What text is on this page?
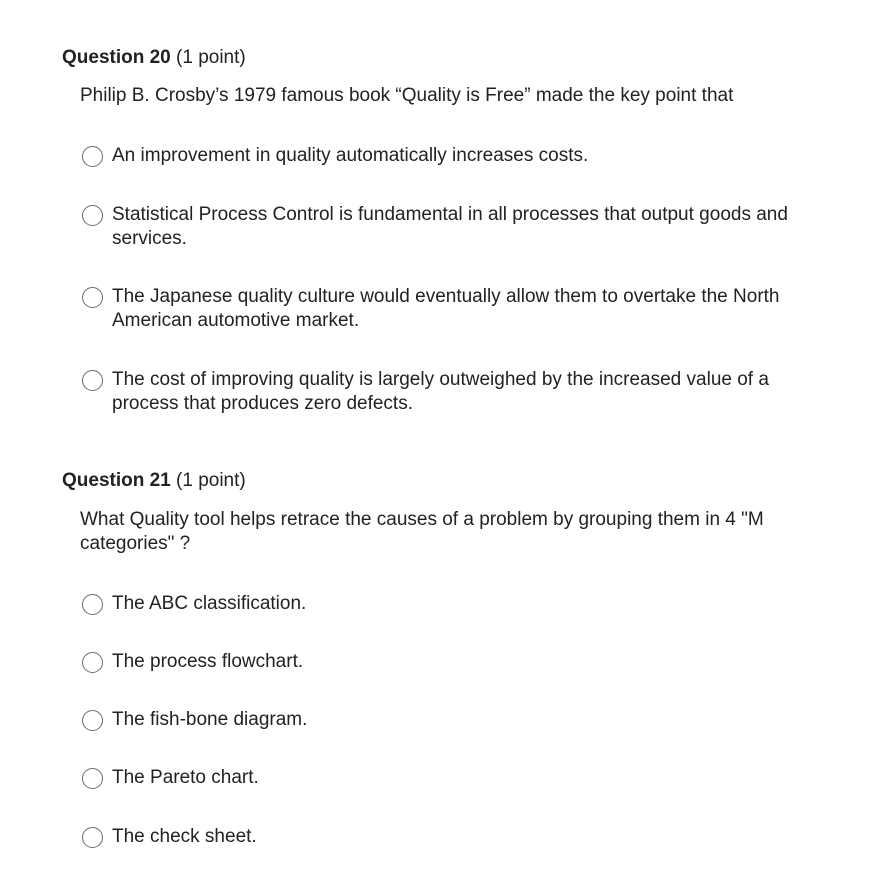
Question 20 (1 point)
Philip B. Crosby’s 1979 famous book “Quality is Free” made the key point that
An improvement in quality automatically increases costs.
Statistical Process Control is fundamental in all processes that output goods and services.
The Japanese quality culture would eventually allow them to overtake the North American automotive market.
The cost of improving quality is largely outweighed by the increased value of a process that produces zero defects.
Question 21 (1 point)
What Quality tool helps retrace the causes of a problem by grouping them in 4 "M categories" ?
The ABC classification.
The process flowchart.
The fish-bone diagram.
The Pareto chart.
The check sheet.
